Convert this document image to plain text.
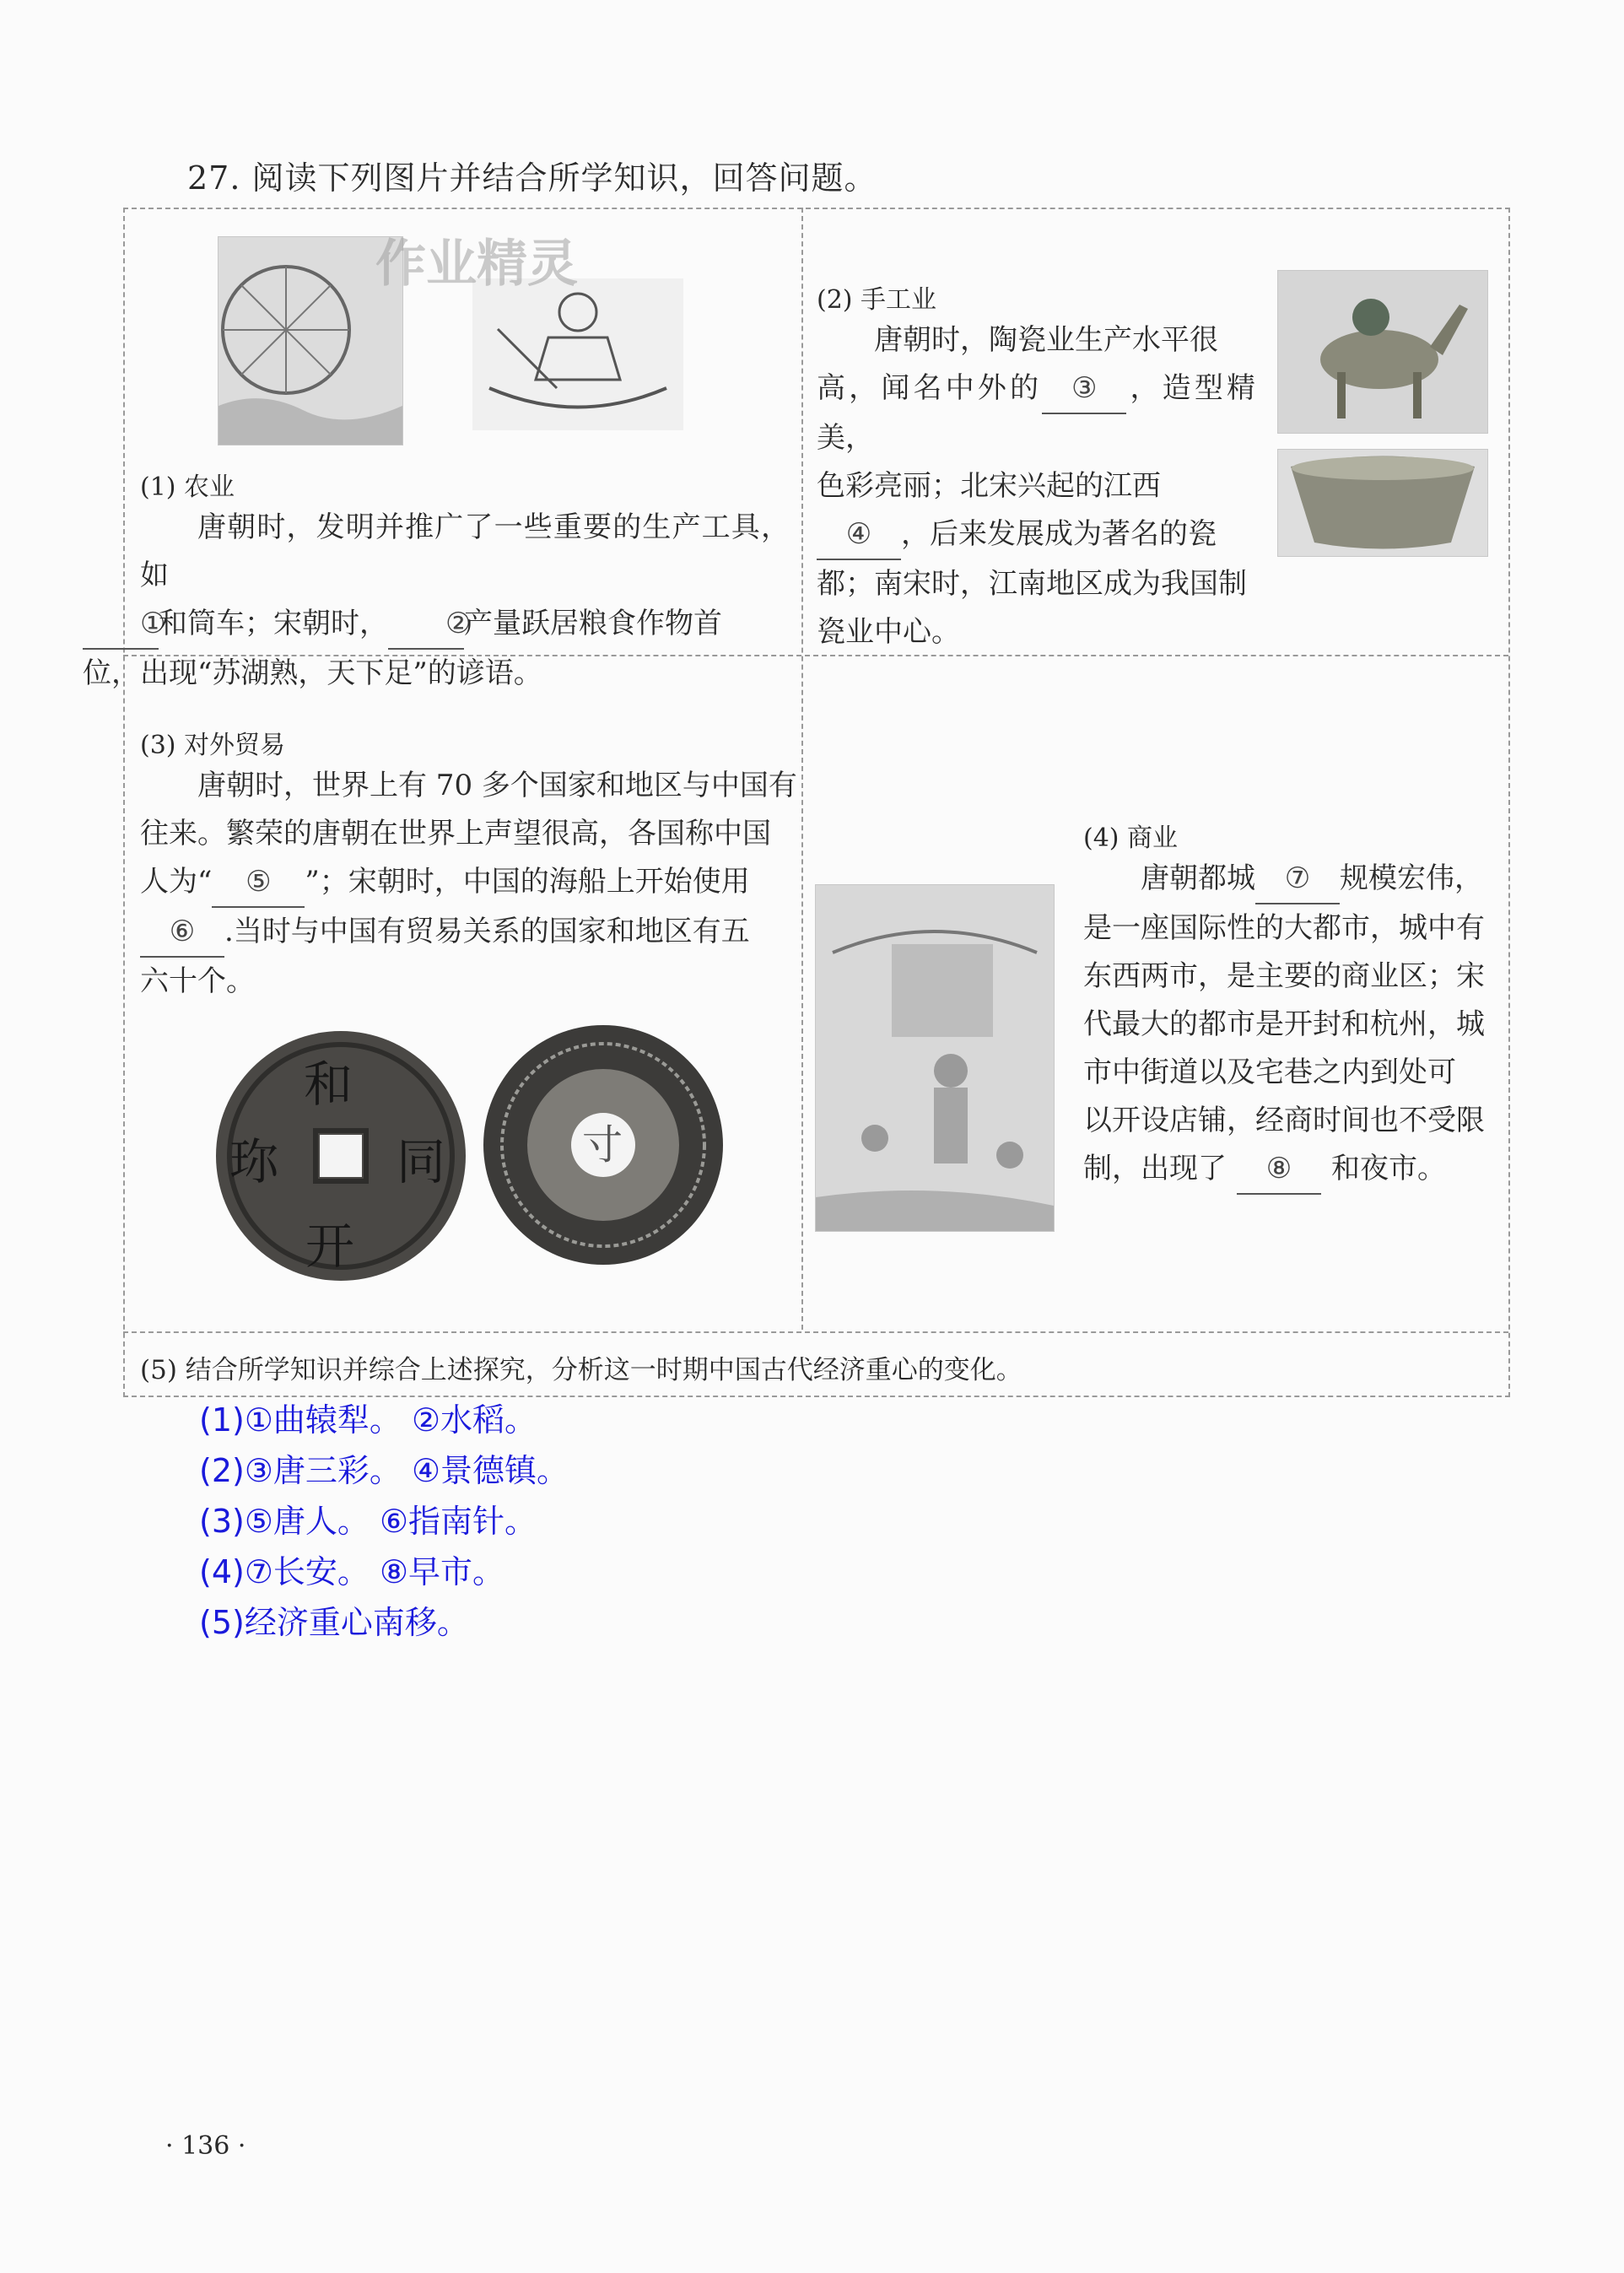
27. 阅读下列图片并结合所学知识，回答问题。
作业精灵
(1) 农业
唐朝时，发明并推广了一些重要的生产工具，如
①和筒车；宋朝时， ②产量跃居粮食作物首
位，出现“苏湖熟，天下足”的谚语。
(2) 手工业
唐朝时，陶瓷业生产水平很
高，闻名中外的 ③ ，造型精美，
色彩亮丽；北宋兴起的江西
④ ，后来发展成为著名的瓷
都；南宋时，江南地区成为我国制
瓷业中心。
(3) 对外贸易
唐朝时，世界上有 70 多个国家和地区与中国有
往来。繁荣的唐朝在世界上声望很高，各国称中国
人为“ ⑤ ”；宋朝时，中国的海船上开始使用
⑥ .当时与中国有贸易关系的国家和地区有五
六十个。
和
同
开
珎	寸
(4) 商业
唐朝都城 ⑦ 规模宏伟，
是一座国际性的大都市，城中有
东西两市，是主要的商业区；宋
代最大的都市是开封和杭州，城
市中街道以及宅巷之内到处可
以开设店铺，经商时间也不受限
制，出现了 ⑧ 和夜市。
(5) 结合所学知识并综合上述探究，分析这一时期中国古代经济重心的变化。
(1)①曲辕犁。 ②水稻。
(2)③唐三彩。 ④景德镇。
(3)⑤唐人。 ⑥指南针。
(4)⑦长安。 ⑧早市。
(5)经济重心南移。
· 136 ·
